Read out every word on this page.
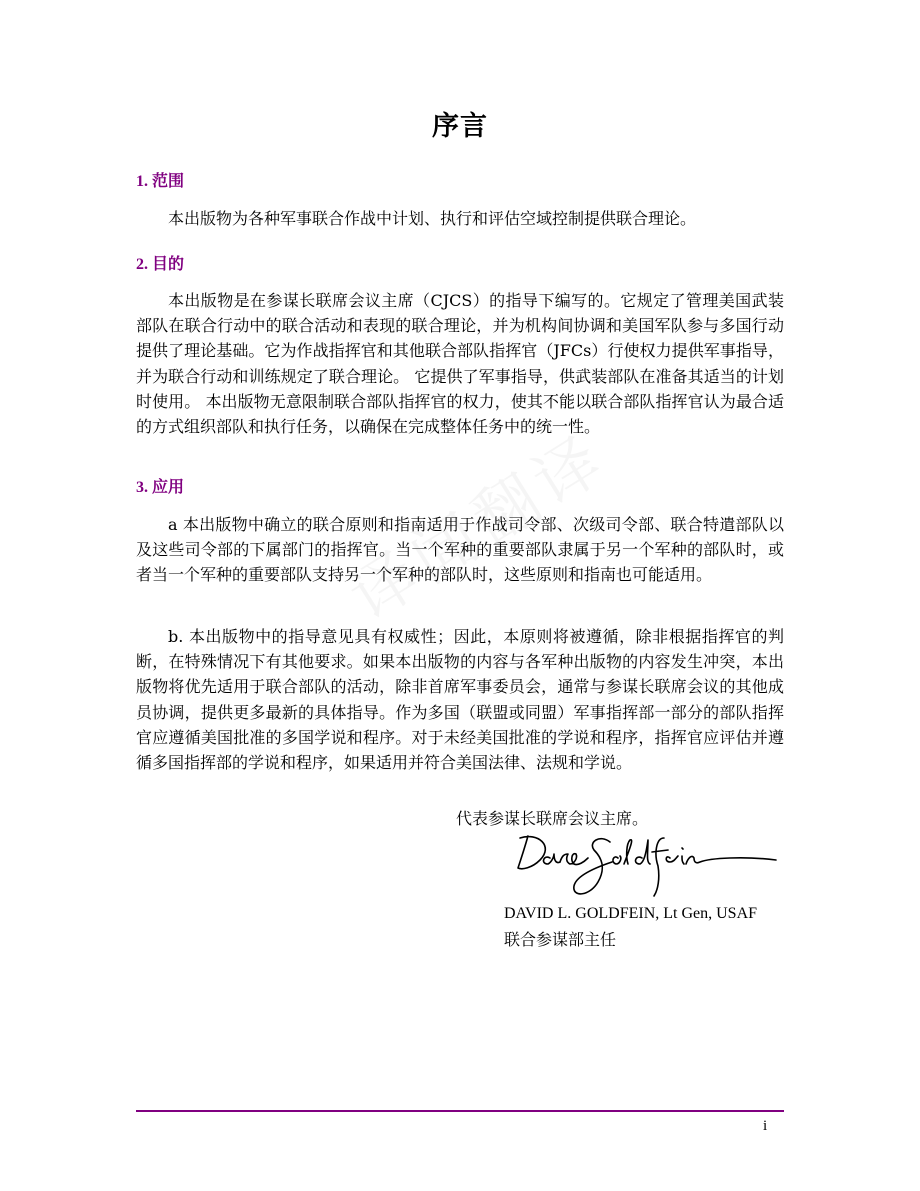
序言
1. 范围

本出版物为各种军事联合作战中计划、执行和评估空域控制提供联合理论。

2. 目的

本出版物是在参谋长联席会议主席（CJCS）的指导下编写的。它规定了管理美国武装部队在联合行动中的联合活动和表现的联合理论，并为机构间协调和美国军队参与多国行动提供了理论基础。它为作战指挥官和其他联合部队指挥官（JFCs）行使权力提供军事指导，并为联合行动和训练规定了联合理论。 它提供了军事指导，供武装部队在准备其适当的计划时使用。 本出版物无意限制联合部队指挥官的权力，使其不能以联合部队指挥官认为最合适的方式组织部队和执行任务，以确保在完成整体任务中的统一性。

3. 应用

a 本出版物中确立的联合原则和指南适用于作战司令部、次级司令部、联合特遣部队以及这些司令部的下属部门的指挥官。当一个军种的重要部队隶属于另一个军种的部队时，或者当一个军种的重要部队支持另一个军种的部队时，这些原则和指南也可能适用。

b. 本出版物中的指导意见具有权威性；因此，本原则将被遵循，除非根据指挥官的判断，在特殊情况下有其他要求。如果本出版物的内容与各军种出版物的内容发生冲突，本出版物将优先适用于联合部队的活动，除非首席军事委员会，通常与参谋长联席会议的其他成员协调，提供更多最新的具体指导。作为多国（联盟或同盟）军事指挥部一部分的部队指挥官应遵循美国批准的多国学说和程序。对于未经美国批准的学说和程序，指挥官应评估并遵循多国指挥部的学说和程序，如果适用并符合美国法律、法规和学说。

代表参谋长联席会议主席。
DAVID L. GOLDFEIN, Lt Gen, USAF
联合参谋部主任
i
